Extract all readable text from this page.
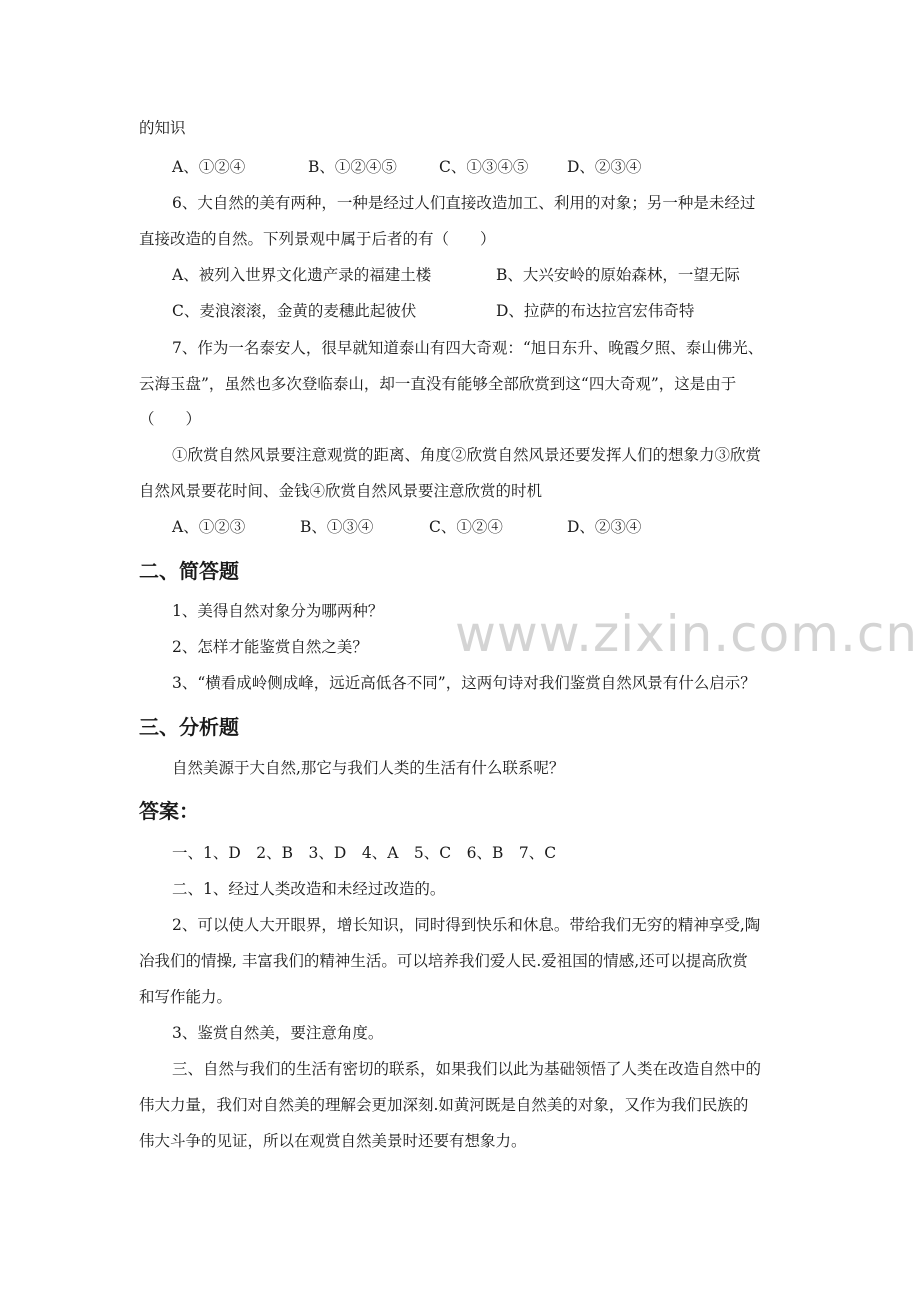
www.zixin.com.cn
的知识
A、①②④	B、①②④⑤	C、①③④⑤ D、②③④
6、大自然的美有两种，一种是经过人们直接改造加工、利用的对象；另一种是未经过
直接改造的自然。下列景观中属于后者的有（　　）
A、被列入世界文化遗产录的福建土楼	B、大兴安岭的原始森林，一望无际
C、麦浪滚滚，金黄的麦穗此起彼伏	D、拉萨的布达拉宫宏伟奇特
7、作为一名泰安人，很早就知道泰山有四大奇观：“旭日东升、晚霞夕照、泰山佛光、
云海玉盘”，虽然也多次登临泰山，却一直没有能够全部欣赏到这“四大奇观”，这是由于
（　　）
①欣赏自然风景要注意观赏的距离、角度②欣赏自然风景还要发挥人们的想象力③欣赏
自然风景要花时间、金钱④欣赏自然风景要注意欣赏的时机
A、①②③	B、①③④	C、①②④	D、②③④
二、简答题
1、美得自然对象分为哪两种？
2、怎样才能鉴赏自然之美？
3、“横看成岭侧成峰，远近高低各不同”，这两句诗对我们鉴赏自然风景有什么启示？
三、分析题
自然美源于大自然,那它与我们人类的生活有什么联系呢？
答案：
一、1、D　2、B　3、D　4、A　5、C　6、B　7、C
二、1、经过人类改造和未经过改造的。
2、可以使人大开眼界，增长知识，同时得到快乐和休息。带给我们无穷的精神享受,陶
冶我们的情操, 丰富我们的精神生活。可以培养我们爱人民.爱祖国的情感,还可以提高欣赏
和写作能力。
3、鉴赏自然美，要注意角度。
三、自然与我们的生活有密切的联系，如果我们以此为基础领悟了人类在改造自然中的
伟大力量，我们对自然美的理解会更加深刻.如黄河既是自然美的对象，又作为我们民族的
伟大斗争的见证，所以在观赏自然美景时还要有想象力。
